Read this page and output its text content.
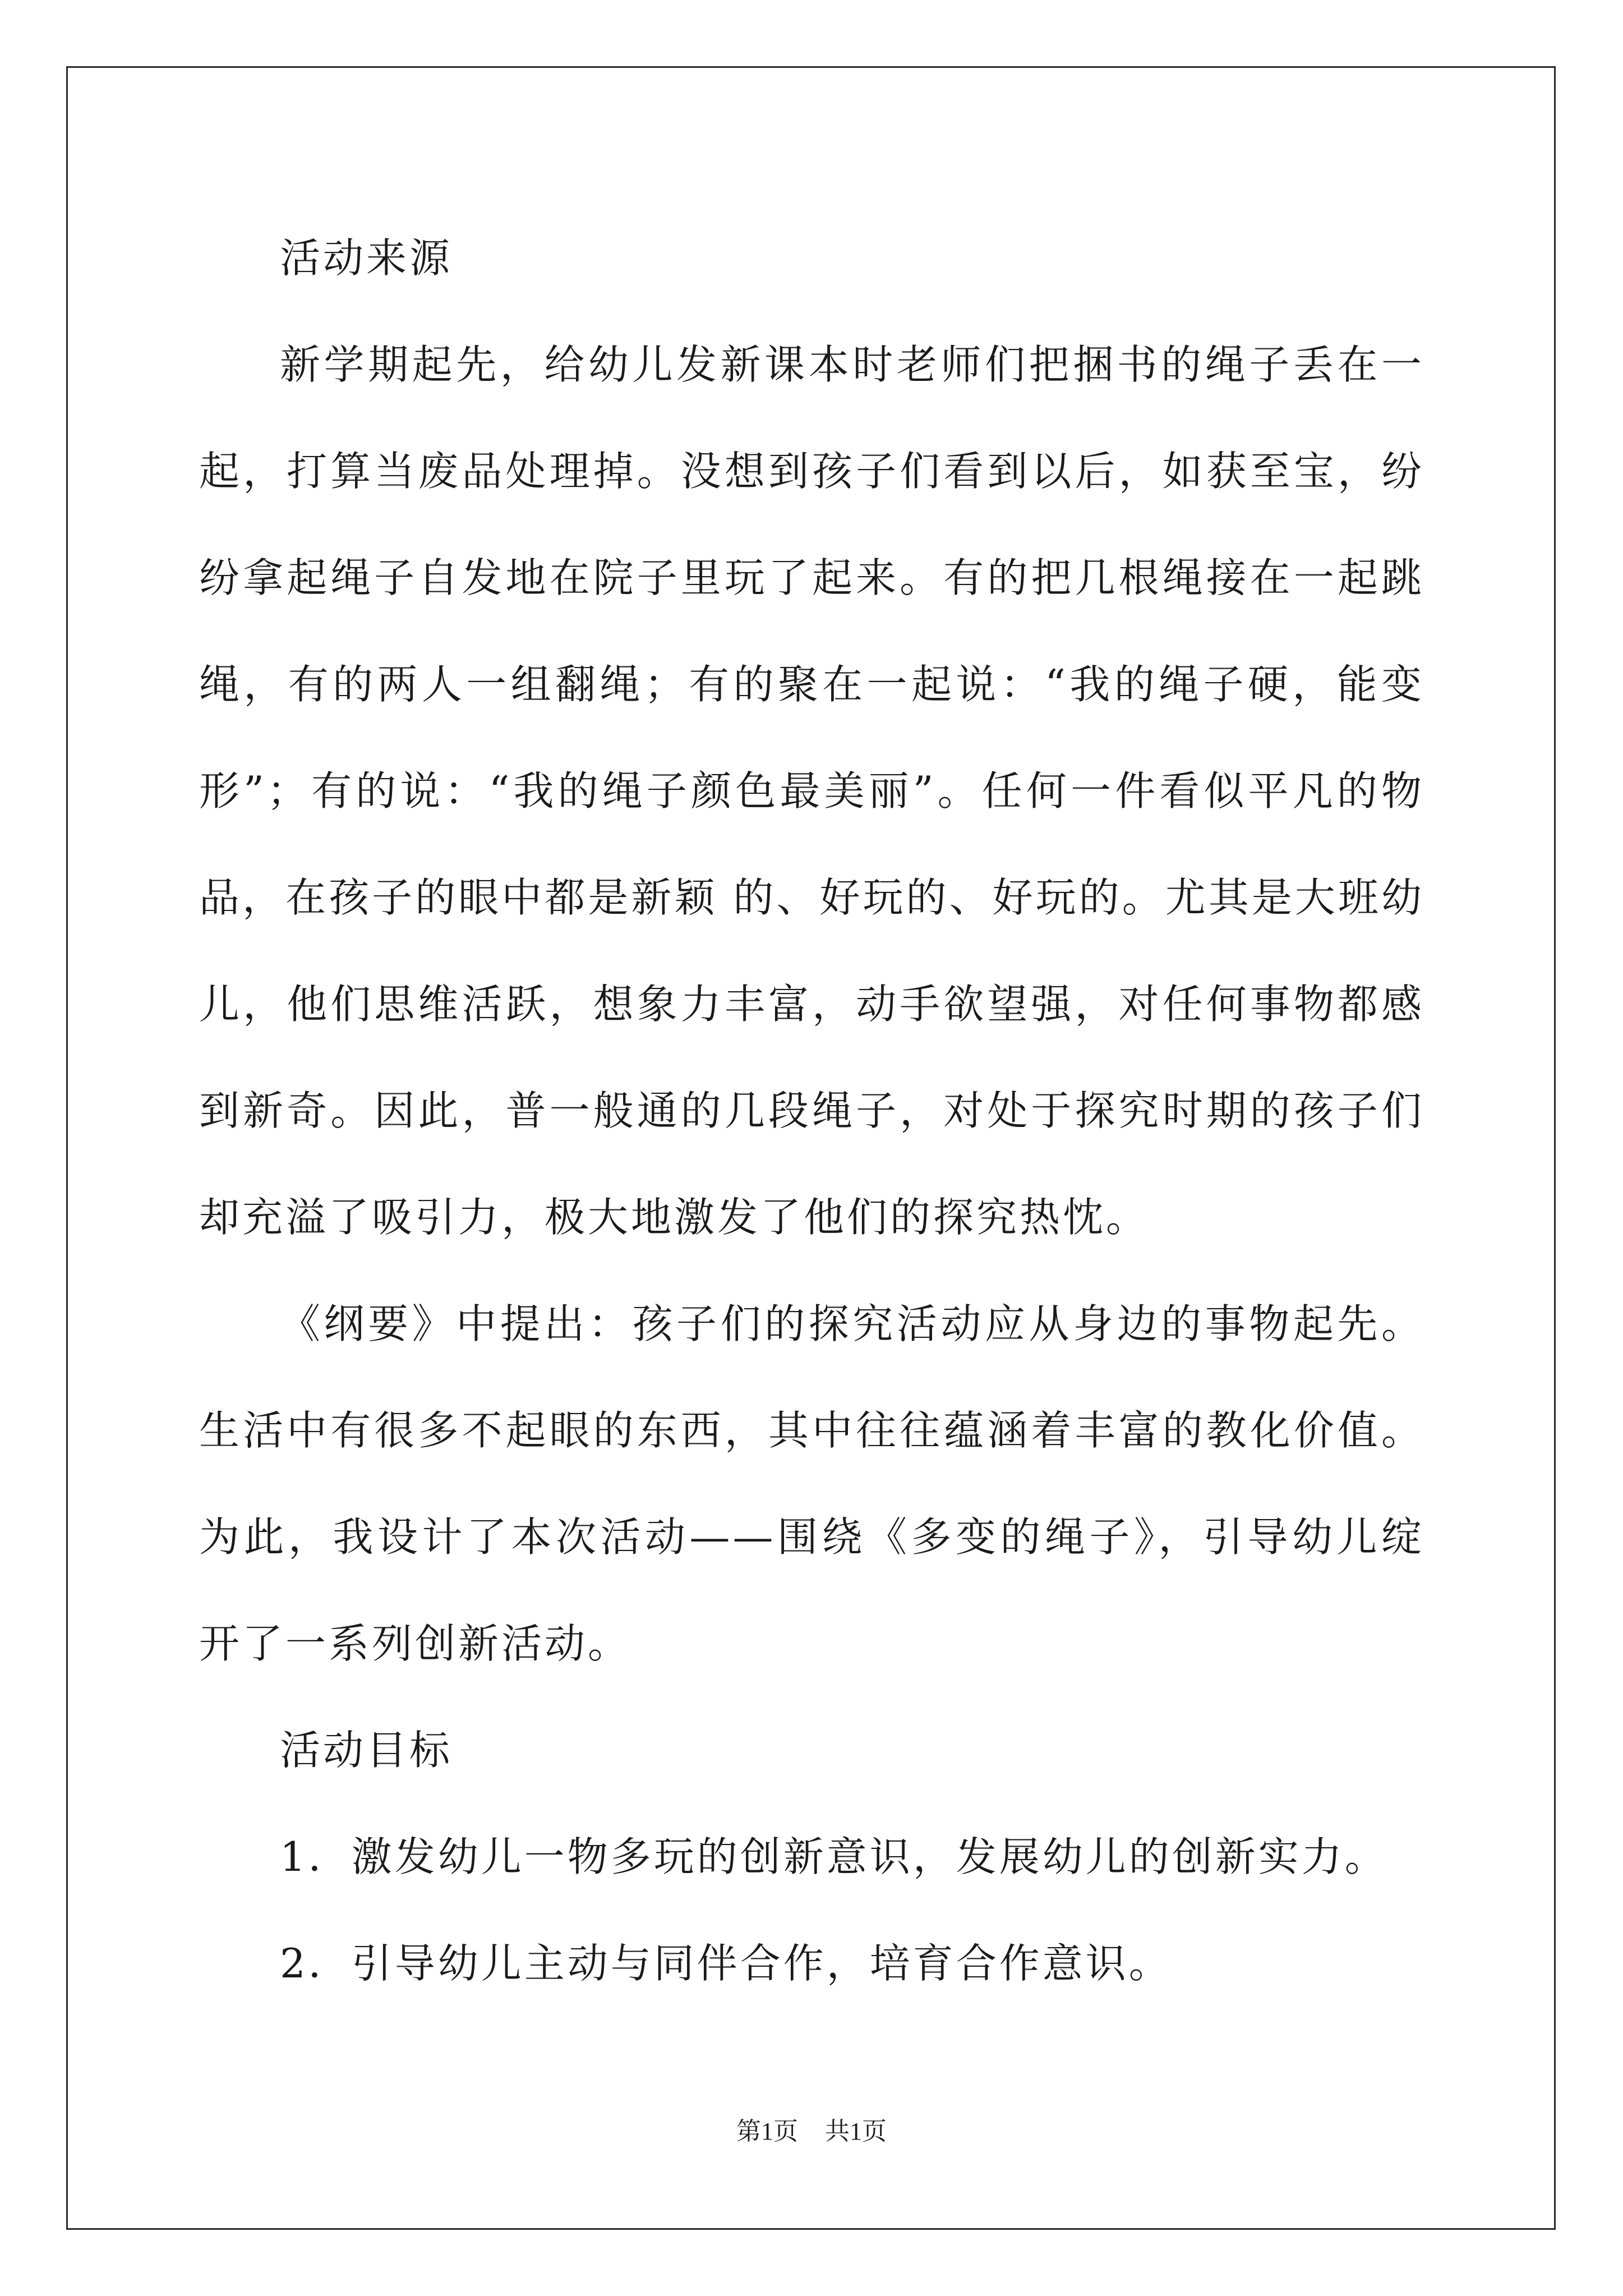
活动来源

新学期起先，给幼儿发新课本时老师们把捆书的绳子丢在一起，打算当废品处理掉。没想到孩子们看到以后，如获至宝，纷纷拿起绳子自发地在院子里玩了起来。有的把几根绳接在一起跳绳，有的两人一组翻绳；有的聚在一起说：“我的绳子硬，能变形”；有的说：“我的绳子颜色最美丽”。任何一件看似平凡的物品，在孩子的眼中都是新颖 的、好玩的、好玩的。尤其是大班幼儿，他们思维活跃，想象力丰富，动手欲望强，对任何事物都感到新奇。因此，普一般通的几段绳子，对处于探究时期的孩子们却充溢了吸引力，极大地激发了他们的探究热忱。

《纲要》中提出：孩子们的探究活动应从身边的事物起先。生活中有很多不起眼的东西，其中往往蕴涵着丰富的教化价值。为此，我设计了本次活动——围绕《多变的绳子》，引导幼儿绽开了一系列创新活动。

活动目标

1．激发幼儿一物多玩的创新意识，发展幼儿的创新实力。

2．引导幼儿主动与同伴合作，培育合作意识。

第1页 共1页
